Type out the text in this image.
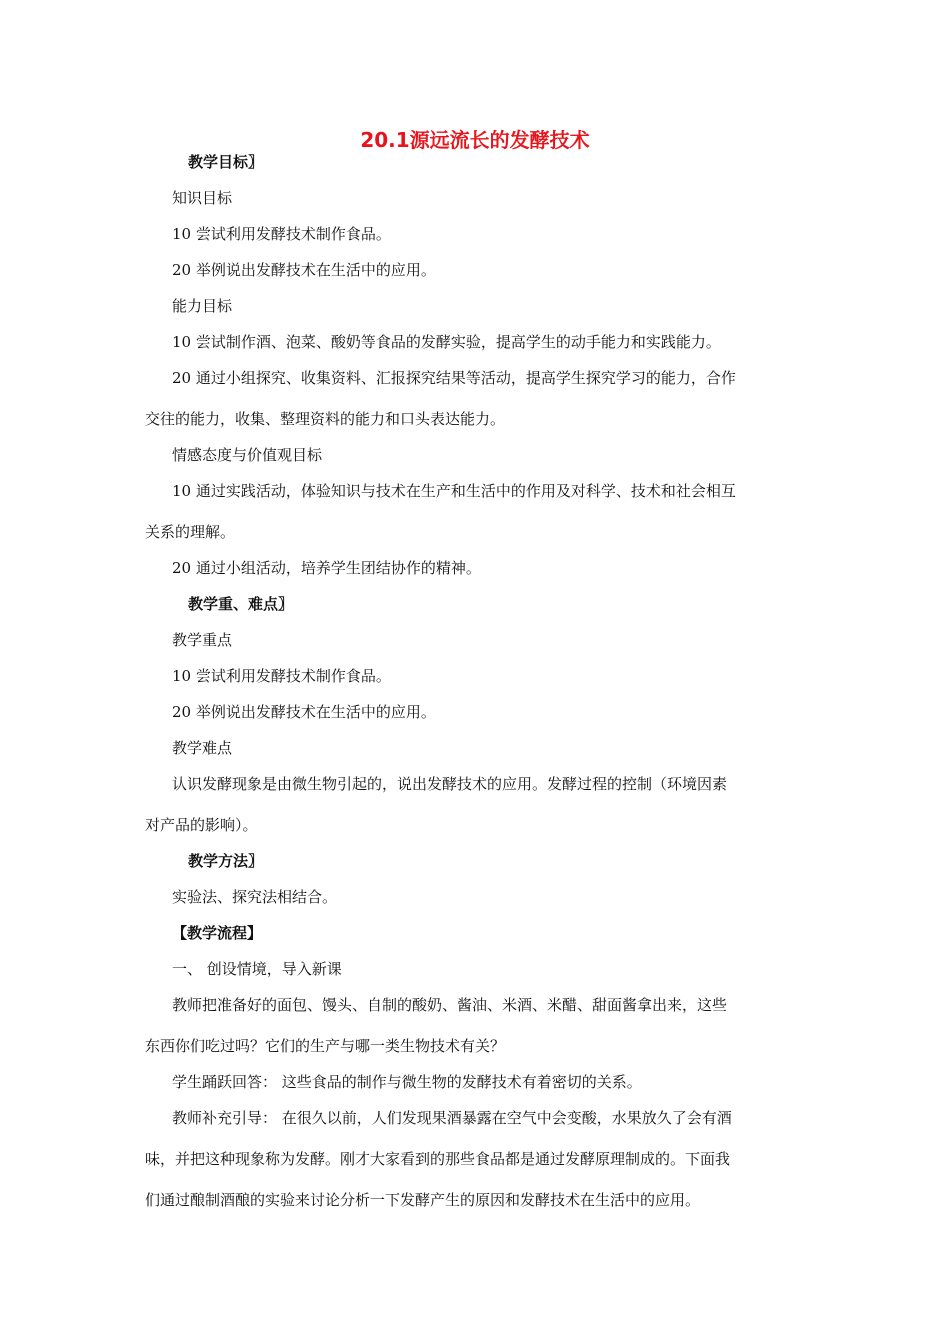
20.1源远流长的发酵技术
教学目标〗
知识目标
10 尝试利用发酵技术制作食品。
20 举例说出发酵技术在生活中的应用。
能力目标
10 尝试制作酒、泡菜、酸奶等食品的发酵实验，提高学生的动手能力和实践能力。
20 通过小组探究、收集资料、汇报探究结果等活动，提高学生探究学习的能力，合作
交往的能力，收集、整理资料的能力和口头表达能力。
情感态度与价值观目标
10 通过实践活动，体验知识与技术在生产和生活中的作用及对科学、技术和社会相互
关系的理解。
20 通过小组活动，培养学生团结协作的精神。
教学重、难点〗
教学重点
10 尝试利用发酵技术制作食品。
20 举例说出发酵技术在生活中的应用。
教学难点
认识发酵现象是由微生物引起的，说出发酵技术的应用。发酵过程的控制（环境因素
对产品的影响）。
教学方法〗
实验法、探究法相结合。
【教学流程】
一、 创设情境，导入新课
教师把准备好的面包、馒头、自制的酸奶、酱油、米酒、米醋、甜面酱拿出来，这些
东西你们吃过吗？它们的生产与哪一类生物技术有关？
学生踊跃回答： 这些食品的制作与微生物的发酵技术有着密切的关系。
教师补充引导： 在很久以前，人们发现果酒暴露在空气中会变酸，水果放久了会有酒
味，并把这种现象称为发酵。刚才大家看到的那些食品都是通过发酵原理制成的。下面我
们通过酿制酒酿的实验来讨论分析一下发酵产生的原因和发酵技术在生活中的应用。
